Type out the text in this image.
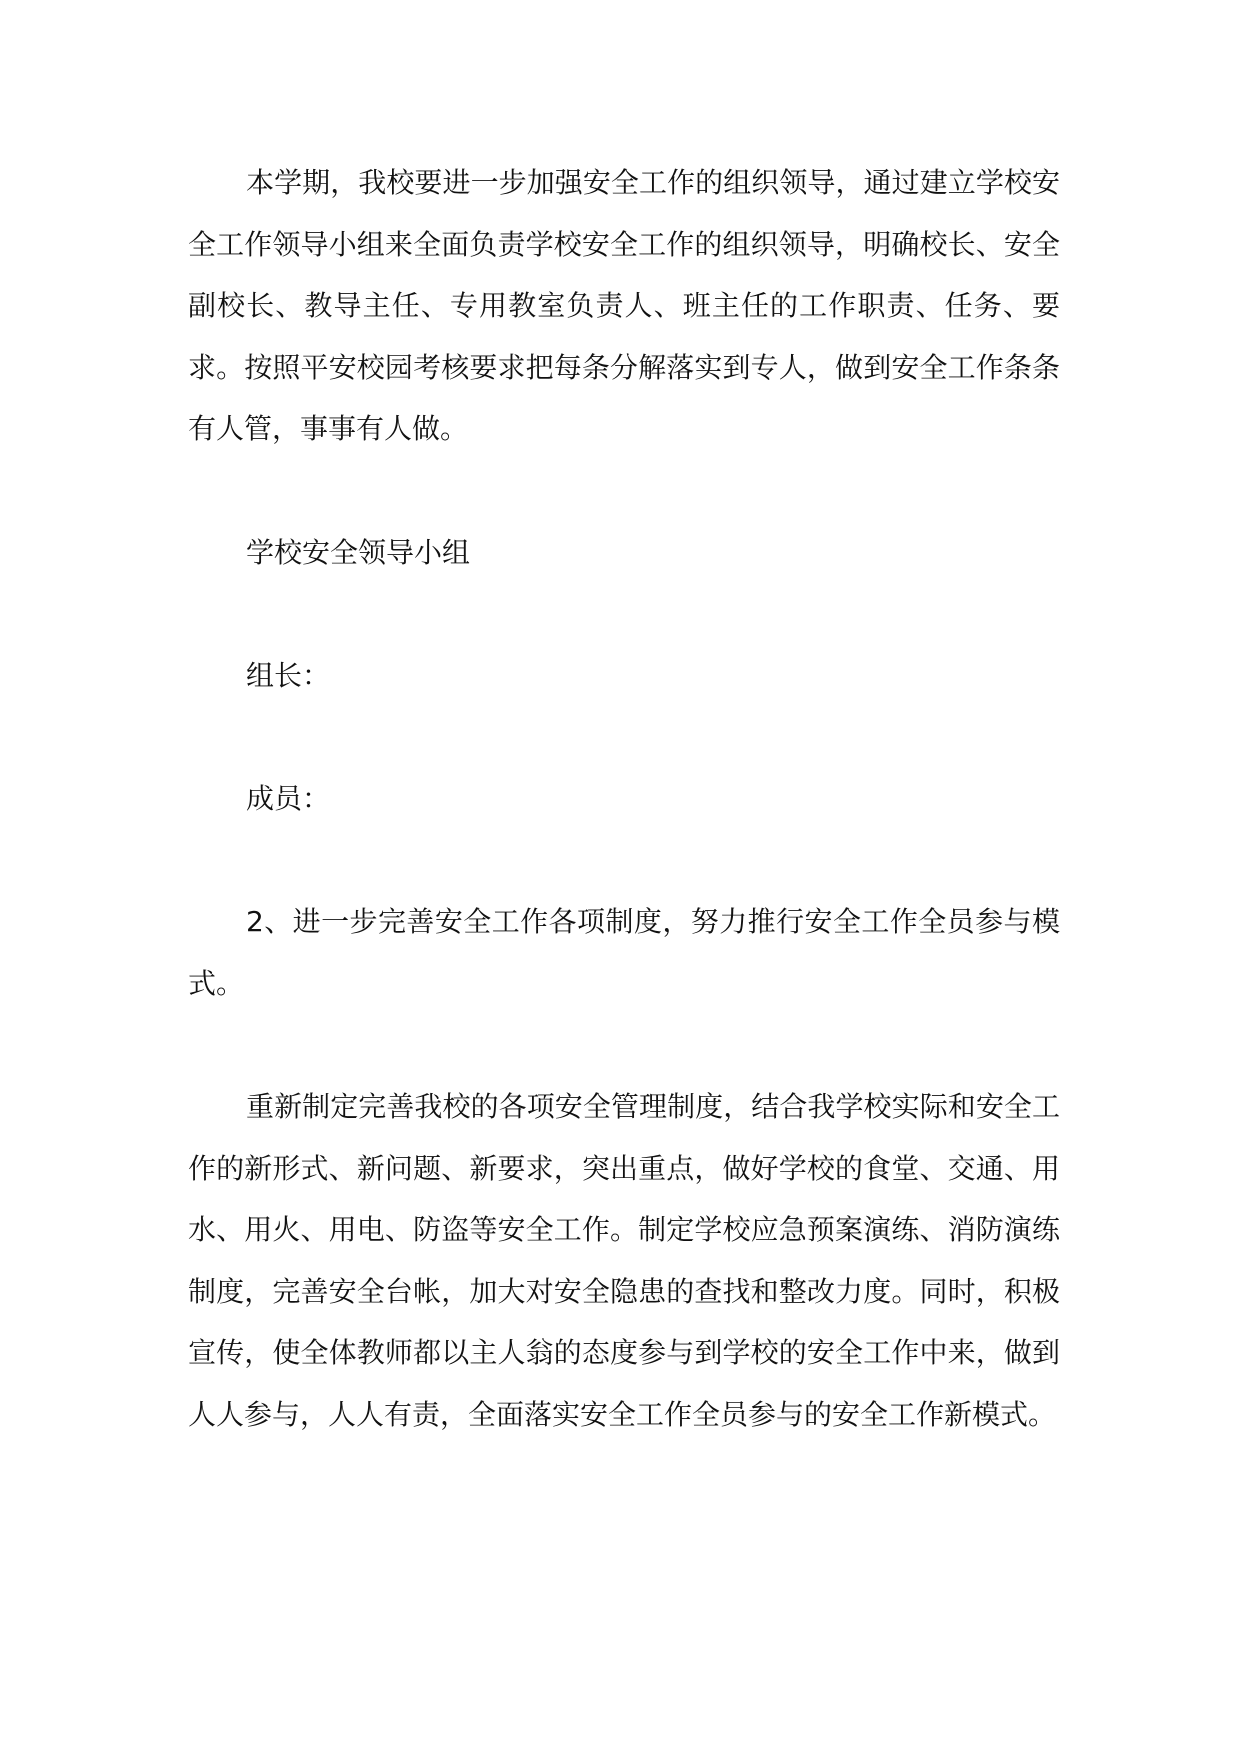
本学期，我校要进一步加强安全工作的组织领导，通过建立学校安全工作领导小组来全面负责学校安全工作的组织领导，明确校长、安全副校长、教导主任、专用教室负责人、班主任的工作职责、任务、要求。按照平安校园考核要求把每条分解落实到专人，做到安全工作条条有人管，事事有人做。

学校安全领导小组

组长：

成员：

2、进一步完善安全工作各项制度，努力推行安全工作全员参与模式。

重新制定完善我校的各项安全管理制度，结合我学校实际和安全工作的新形式、新问题、新要求，突出重点，做好学校的食堂、交通、用水、用火、用电、防盗等安全工作。制定学校应急预案演练、消防演练制度，完善安全台帐，加大对安全隐患的查找和整改力度。同时，积极宣传，使全体教师都以主人翁的态度参与到学校的安全工作中来，做到人人参与，人人有责，全面落实安全工作全员参与的安全工作新模式。
